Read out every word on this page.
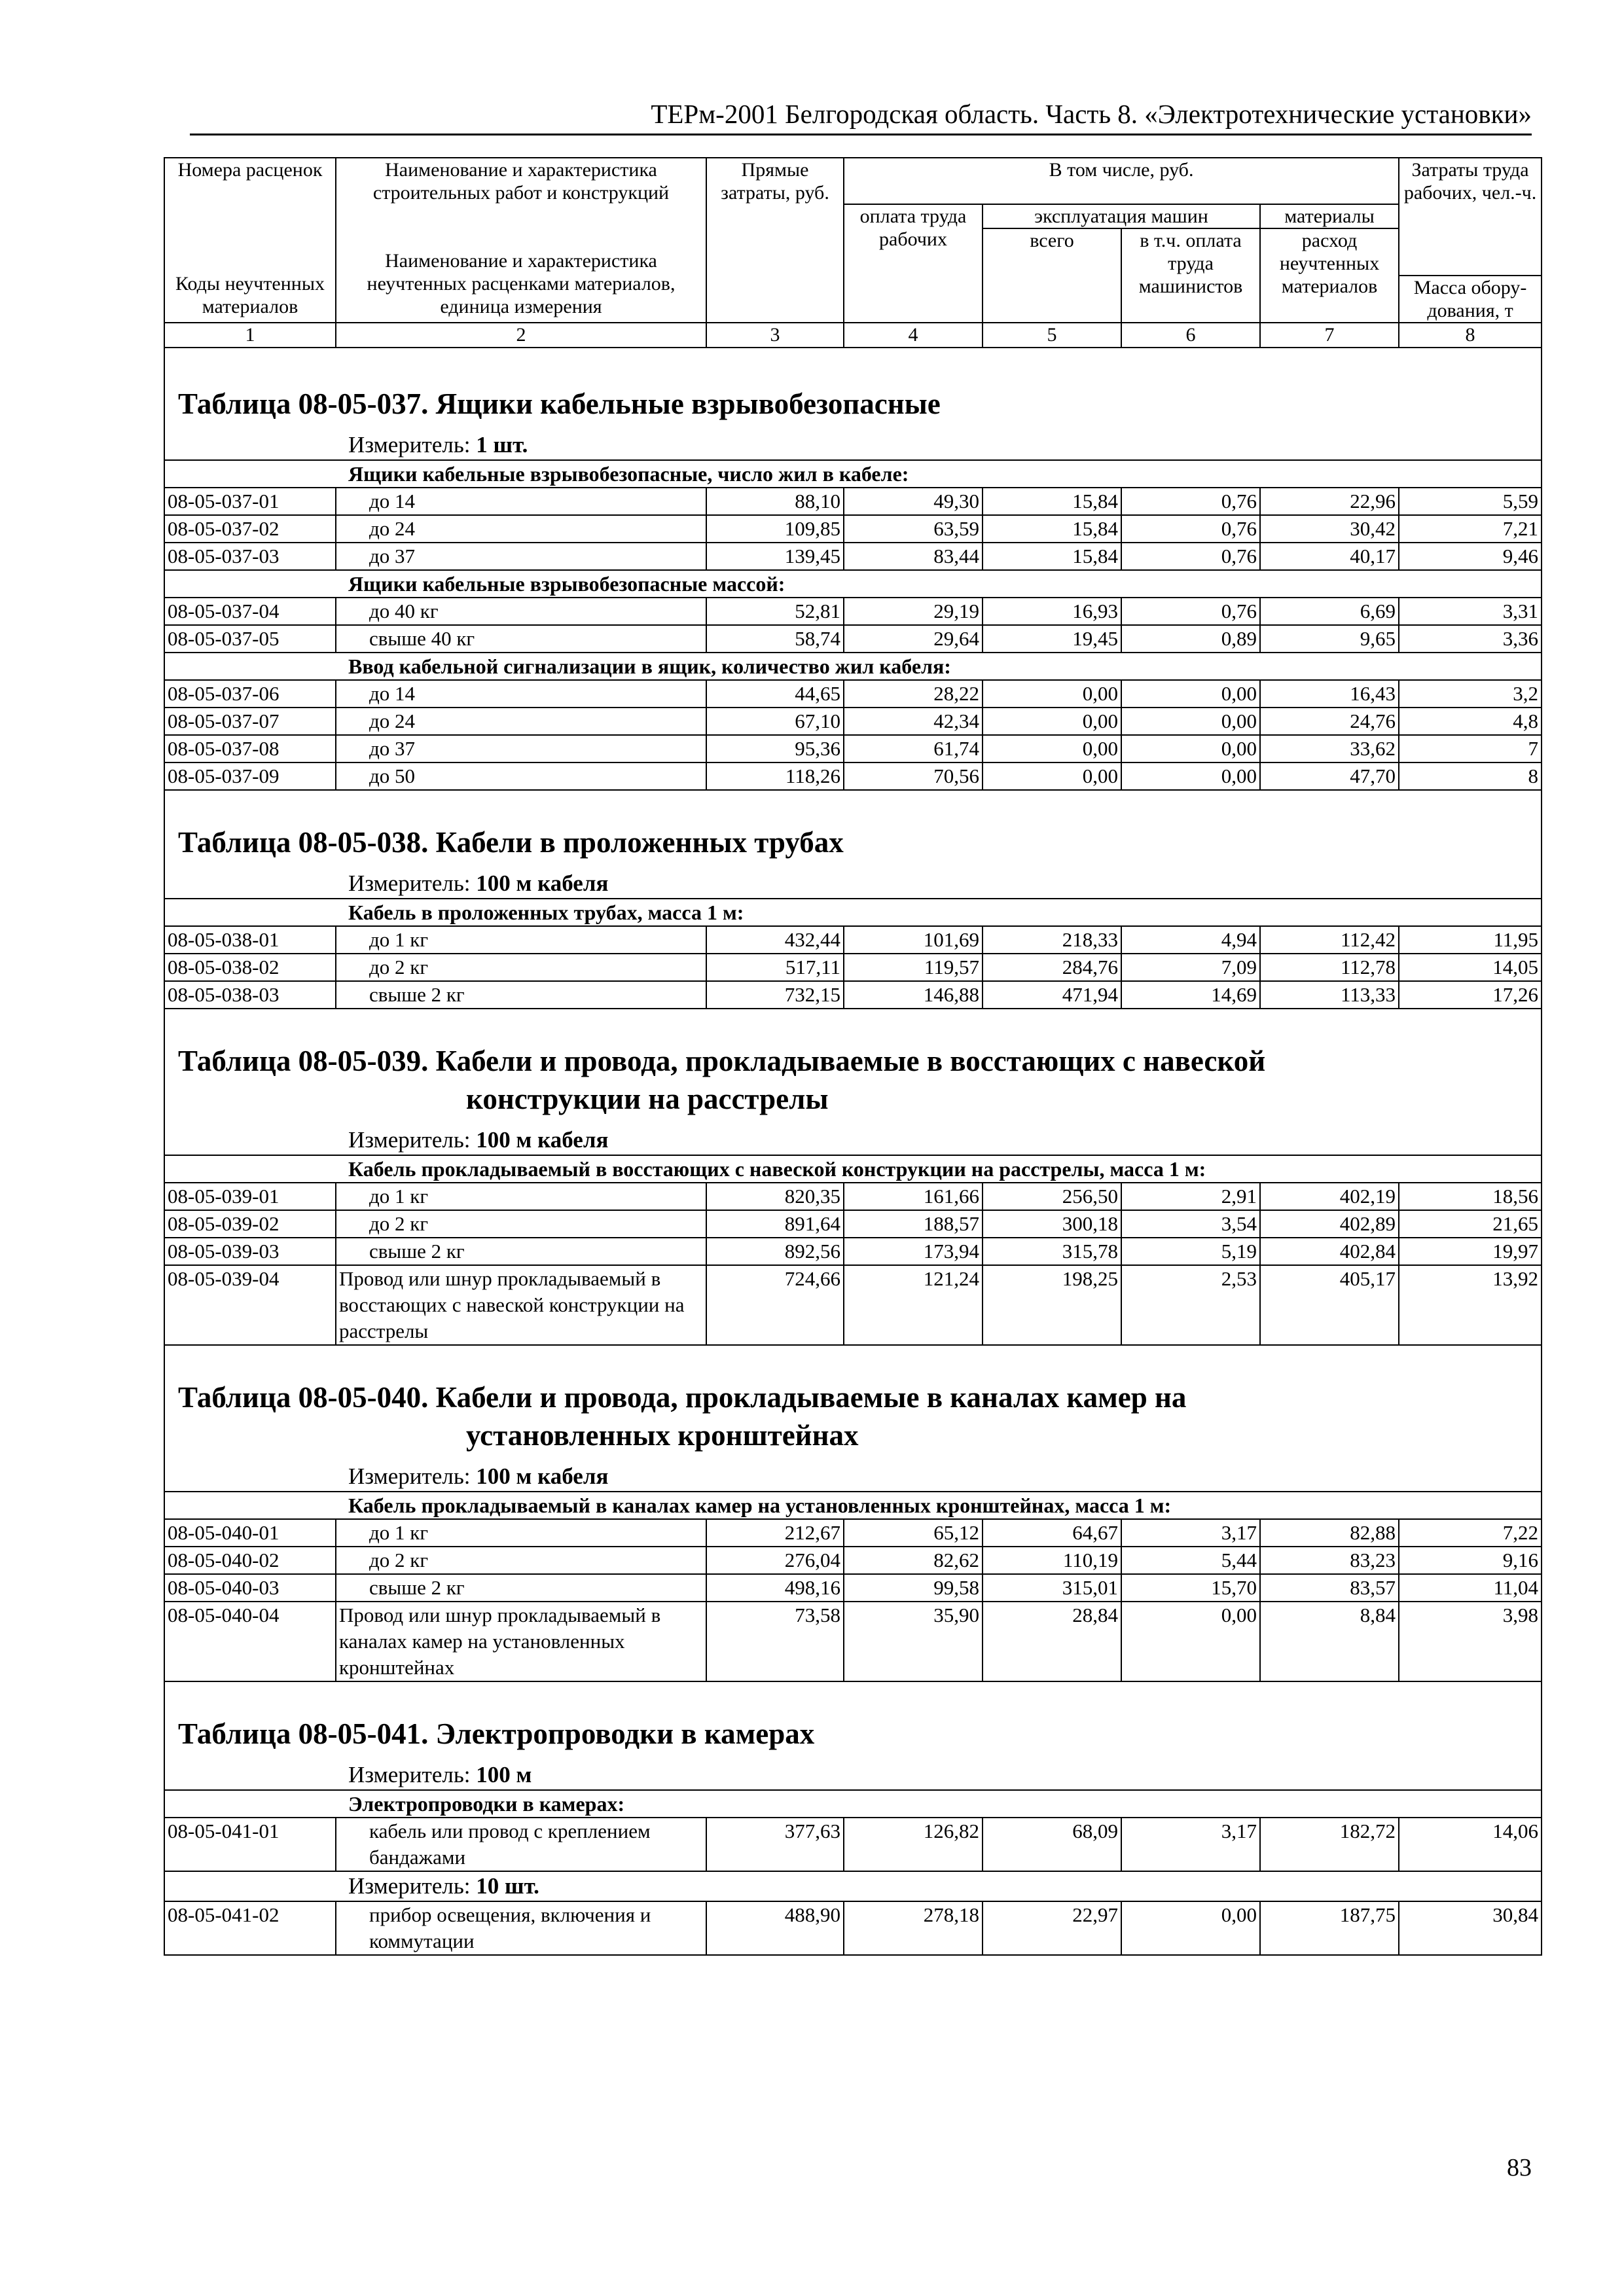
ТЕРм-2001 Белгородская область. Часть 8. «Электротехнические установки»
Номера расценок	Наименование и характеристика строительных работ и конструкций	Прямые затраты, руб.	В том числе, руб.				Затраты труда рабочих, чел.-ч.
Коды неучтенных материалов	Наименование и характеристика неучтенных расценками материалов, единица измерения		оплата труда рабочих	эксплуатация машин		материалы	
				всего	в т.ч. оплата труда машинистов	расход неучтенных материалов	
							Масса обору-дования, т
1	2	3	4	5	6	7	8
Таблица 08-05-037. Ящики кабельные взрывобезопасные							
Измеритель: 1 шт.							
Ящики кабельные взрывобезопасные, число жил в кабеле:							
08-05-037-01	до 14	88,10	49,30	15,84	0,76	22,96	5,59
08-05-037-02	до 24	109,85	63,59	15,84	0,76	30,42	7,21
08-05-037-03	до 37	139,45	83,44	15,84	0,76	40,17	9,46
Ящики кабельные взрывобезопасные массой:							
08-05-037-04	до 40 кг	52,81	29,19	16,93	0,76	6,69	3,31
08-05-037-05	свыше 40 кг	58,74	29,64	19,45	0,89	9,65	3,36
Ввод кабельной сигнализации в ящик, количество жил кабеля:							
08-05-037-06	до 14	44,65	28,22	0,00	0,00	16,43	3,2
08-05-037-07	до 24	67,10	42,34	0,00	0,00	24,76	4,8
08-05-037-08	до 37	95,36	61,74	0,00	0,00	33,62	7
08-05-037-09	до 50	118,26	70,56	0,00	0,00	47,70	8
Таблица 08-05-038. Кабели в проложенных трубах							
Измеритель: 100 м кабеля							
Кабель в проложенных трубах, масса 1 м:							
08-05-038-01	до 1 кг	432,44	101,69	218,33	4,94	112,42	11,95
08-05-038-02	до 2 кг	517,11	119,57	284,76	7,09	112,78	14,05
08-05-038-03	свыше 2 кг	732,15	146,88	471,94	14,69	113,33	17,26
Таблица 08-05-039. Кабели и провода, прокладываемые в восстающих с навеской
конструкции на расстрелы							
Измеритель: 100 м кабеля							
Кабель прокладываемый в восстающих с навеской конструкции на расстрелы, масса 1 м:							
08-05-039-01	до 1 кг	820,35	161,66	256,50	2,91	402,19	18,56
08-05-039-02	до 2 кг	891,64	188,57	300,18	3,54	402,89	21,65
08-05-039-03	свыше 2 кг	892,56	173,94	315,78	5,19	402,84	19,97
08-05-039-04	Провод или шнур прокладываемый в восстающих с навеской конструкции на расстрелы	724,66	121,24	198,25	2,53	405,17	13,92
Таблица 08-05-040. Кабели и провода, прокладываемые в каналах камер на
установленных кронштейнах							
Измеритель: 100 м кабеля							
Кабель прокладываемый в каналах камер на установленных кронштейнах, масса 1 м:							
08-05-040-01	до 1 кг	212,67	65,12	64,67	3,17	82,88	7,22
08-05-040-02	до 2 кг	276,04	82,62	110,19	5,44	83,23	9,16
08-05-040-03	свыше 2 кг	498,16	99,58	315,01	15,70	83,57	11,04
08-05-040-04	Провод или шнур прокладываемый в каналах камер на установленных кронштейнах	73,58	35,90	28,84	0,00	8,84	3,98
Таблица 08-05-041. Электропроводки в камерах							
Измеритель: 100 м							
Электропроводки в камерах:							
08-05-041-01	кабель или провод с креплением бандажами	377,63	126,82	68,09	3,17	182,72	14,06
Измеритель: 10 шт.							
08-05-041-02	прибор освещения, включения и коммутации	488,90	278,18	22,97	0,00	187,75	30,84
83
